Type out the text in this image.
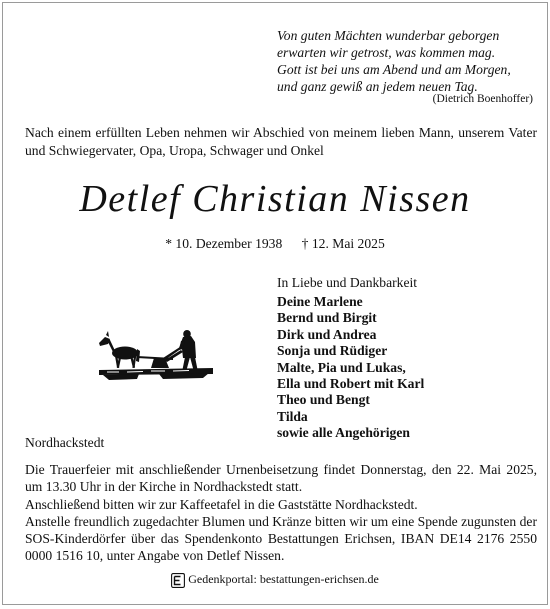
Von guten Mächten wunderbar geborgen
erwarten wir getrost, was kommen mag.
Gott ist bei uns am Abend und am Morgen,
und ganz gewiß an jedem neuen Tag.
(Dietrich Boenhoffer)
Nach einem erfüllten Leben nehmen wir Abschied von meinem lieben Mann, unserem Vater und Schwiegervater, Opa, Uropa, Schwager und Onkel
Detlef Christian Nissen
* 10. Dezember 1938 † 12. Mai 2025
In Liebe und Dankbarkeit
Deine Marlene
Bernd und Birgit
Dirk und Andrea
Sonja und Rüdiger
Malte, Pia und Lukas,
Ella und Robert mit Karl
Theo und Bengt
Tilda
sowie alle Angehörigen
Nordhackstedt

Die Trauerfeier mit anschließender Urnenbeisetzung findet Donnerstag, den 22. Mai 2025, um 13.30 Uhr in der Kirche in Nordhackstedt statt.

Anschließend bitten wir zur Kaffeetafel in die Gaststätte Nordhackstedt.

Anstelle freundlich zugedachter Blumen und Kränze bitten wir um eine Spende zugunsten der SOS-Kinderdörfer über das Spendenkonto Bestattungen Erichsen, IBAN DE14 2176 2550 0000 1516 10, unter Angabe von Detlef Nissen.

Gedenkportal: bestattungen-erichsen.de
